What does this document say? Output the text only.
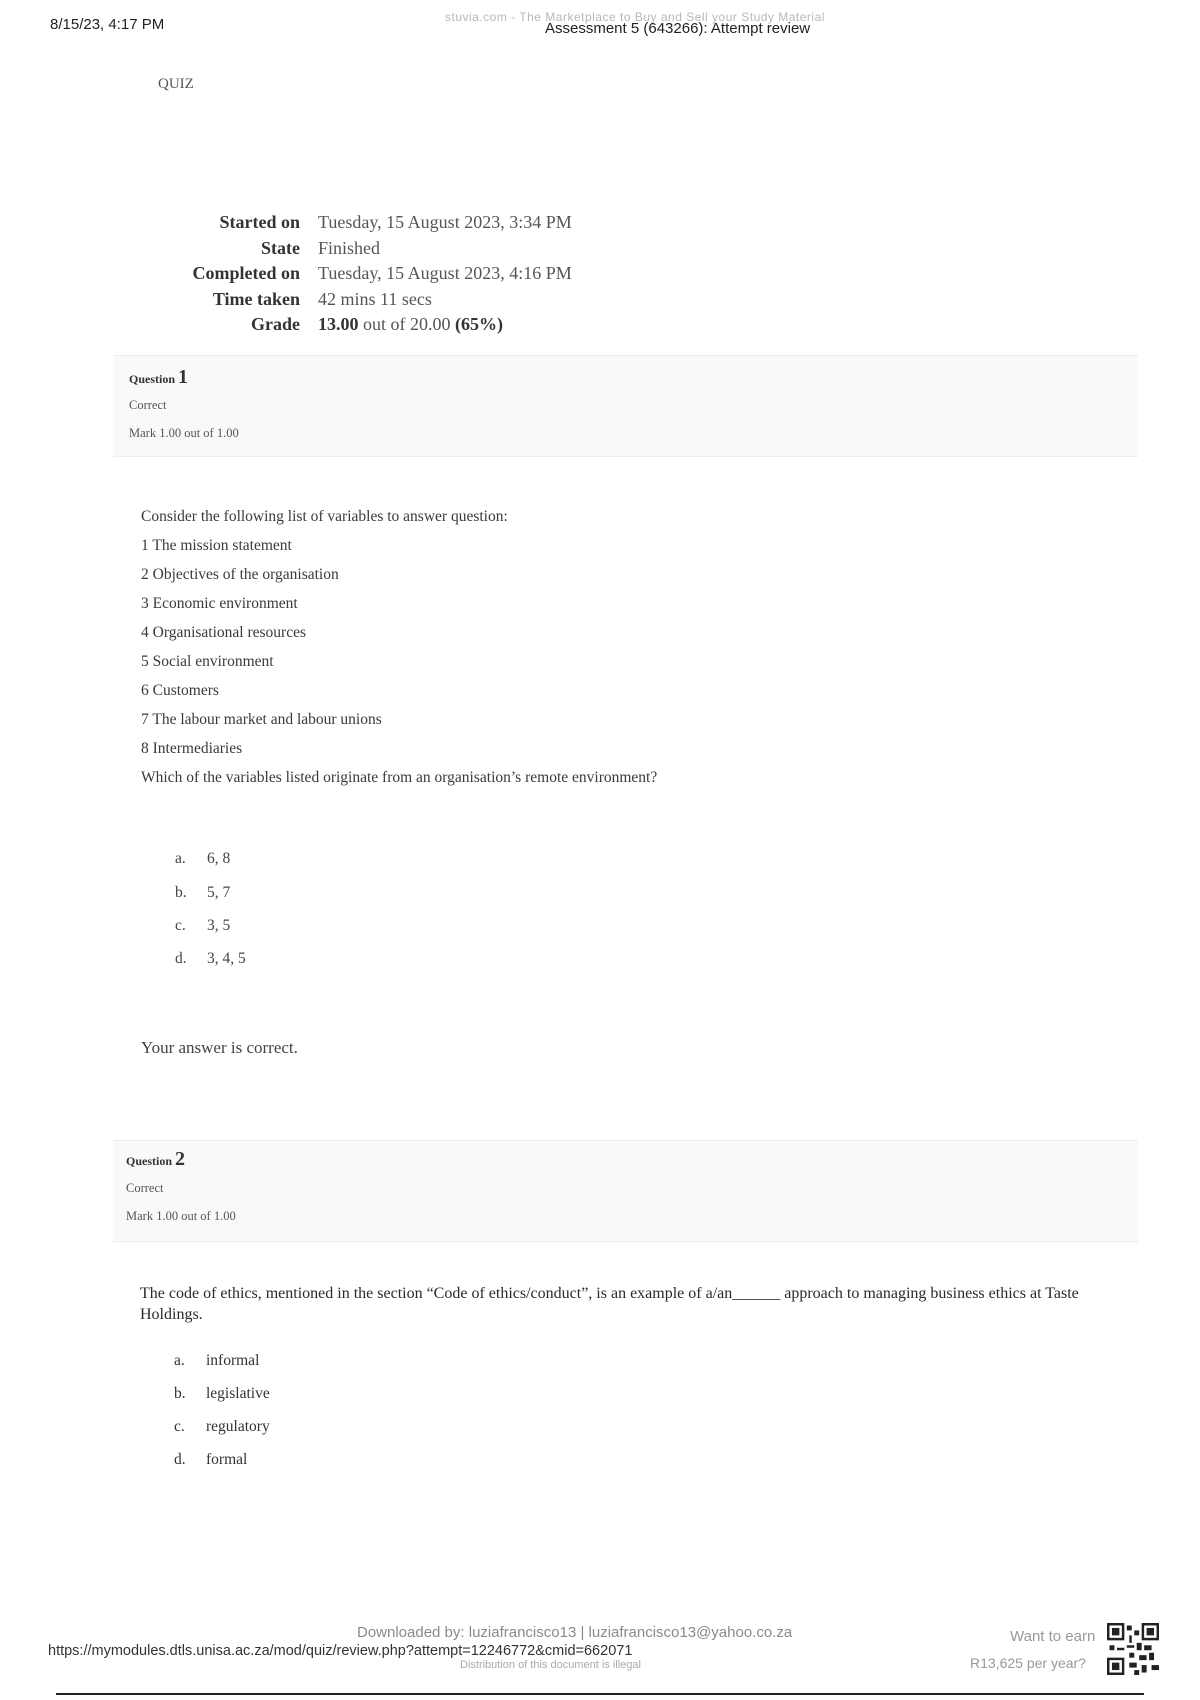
stuvia.com - The Marketplace to Buy and Sell your Study Material
8/15/23, 4:17 PM	Assessment 5 (643266): Attempt review
QUIZ
Started on	Tuesday, 15 August 2023, 3:34 PM
State	Finished
Completed on	Tuesday, 15 August 2023, 4:16 PM
Time taken	42 mins 11 secs
Grade	13.00 out of 20.00 (65%)
Question 1
Correct
Mark 1.00 out of 1.00
Consider the following list of variables to answer question:
1 The mission statement
2 Objectives of the organisation
3 Economic environment
4 Organisational resources
5 Social environment
6 Customers
7 The labour market and labour unions
8 Intermediaries
Which of the variables listed originate from an organisation’s remote environment?
a. 6, 8
b. 5, 7
c. 3, 5
d. 3, 4, 5
Your answer is correct.
Question 2
Correct
Mark 1.00 out of 1.00
The code of ethics, mentioned in the section “Code of ethics/conduct”, is an example of a/an______ approach to managing business ethics at Taste Holdings.
a. informal
b. legislative
c. regulatory
d. formal
Downloaded by: luziafrancisco13 | luziafrancisco13@yahoo.co.za
https://mymodules.dtls.unisa.ac.za/mod/quiz/review.php?attempt=12246772&cmid=662071
Distribution of this document is illegal
Want to earn
R13,625 per year?
